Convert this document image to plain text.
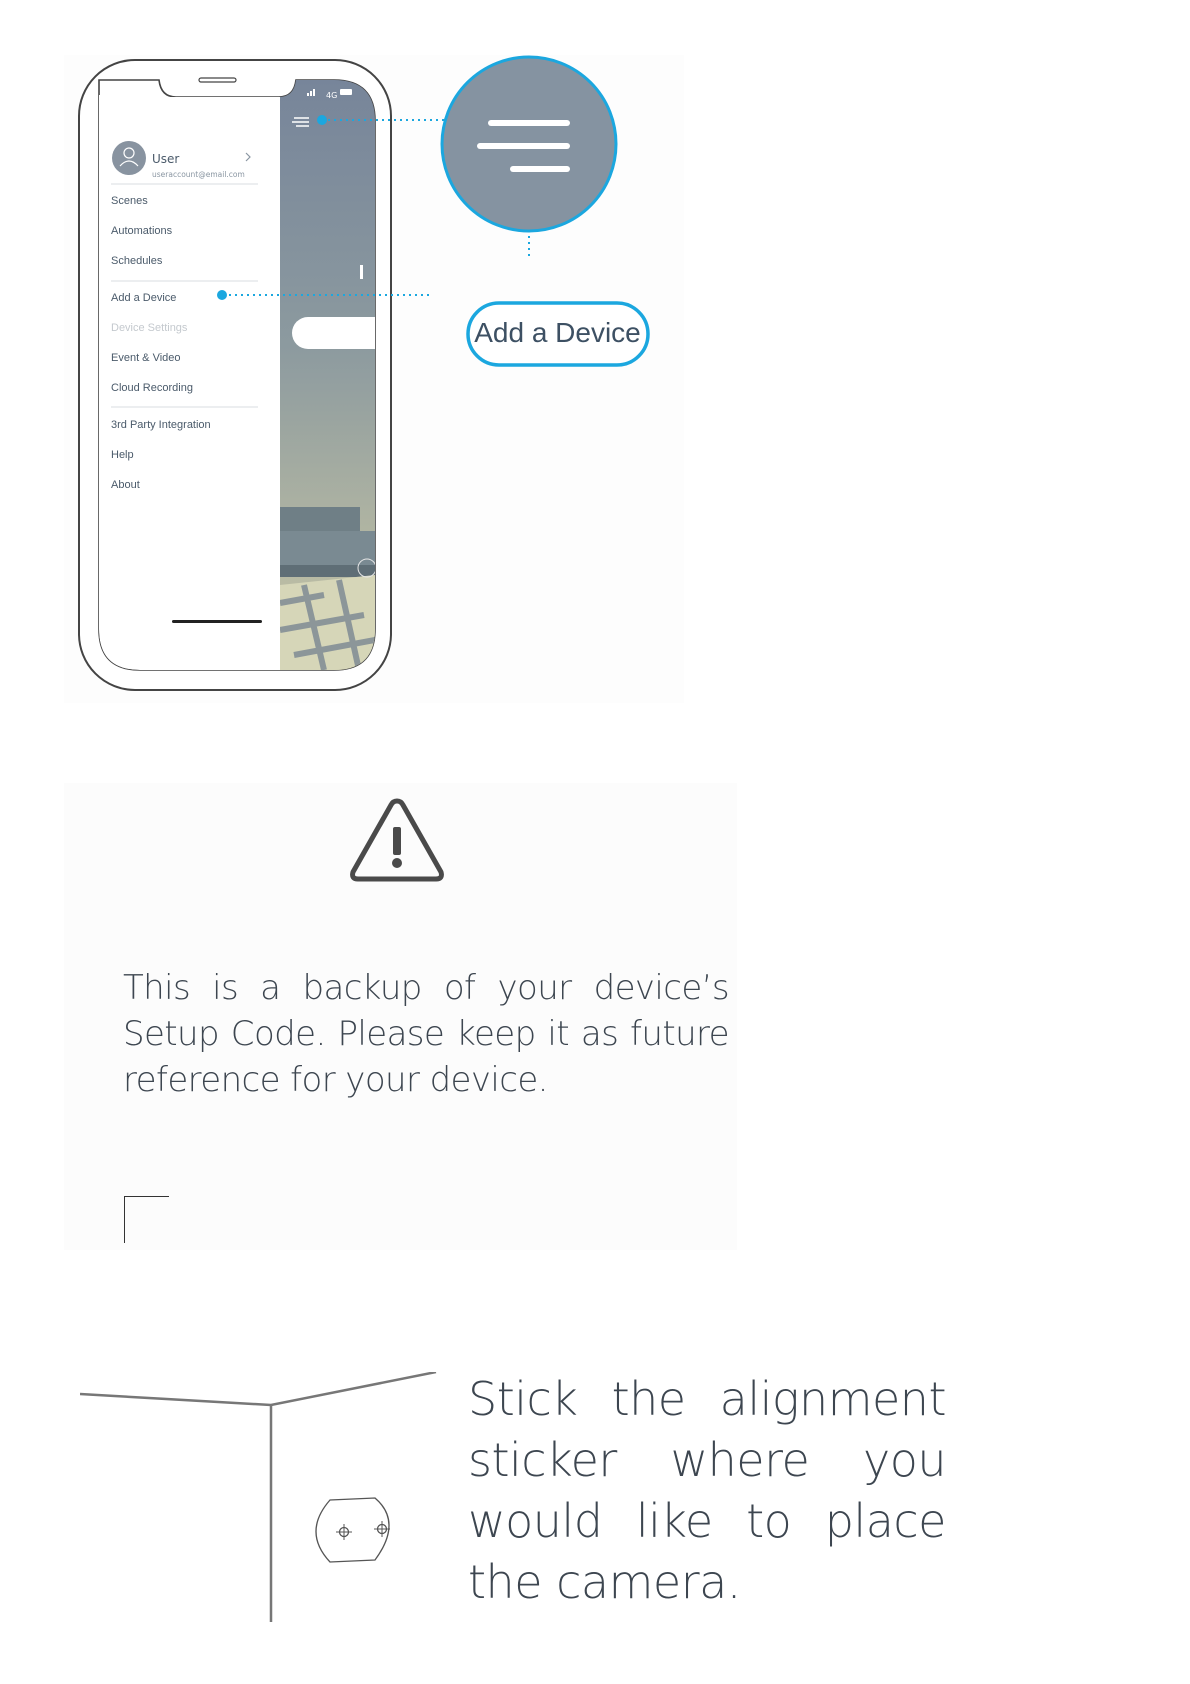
4G
User
useraccount@email.com
Scenes
Automations
Schedules
Add a Device
Device Settings
Event & Video
Cloud Recording
3rd Party Integration
Help
About
Add a Device
This is a backup of your device’s Setup Code. Please keep it as future reference for your device.
Stick the alignment sticker where you would like to place the camera.
